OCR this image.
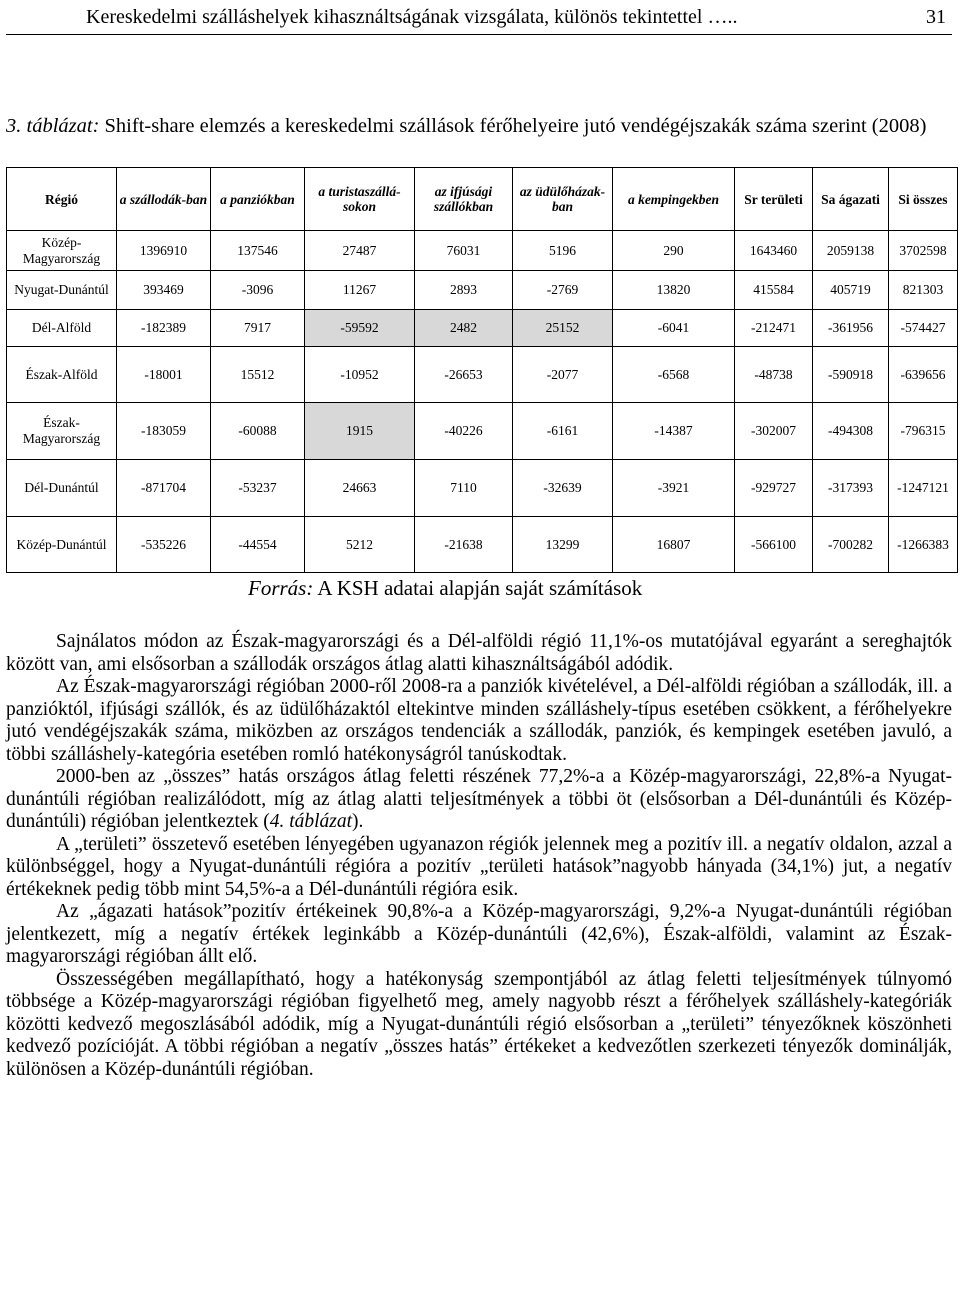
Kereskedelmi szálláshelyek kihasználtságának vizsgálata, különös tekintettel …..	31
3. táblázat: Shift-share elemzés a kereskedelmi szállások férőhelyeire jutó vendégéjszakák száma szerint (2008)
Régió	a szállodák-ban	a panziókban	a turistaszállá-sokon	az ifjúsági szállókban	az üdülőházak-ban	a kempingekben	Sr területi	Sa ágazati	Si összes
Közép-Magyarország	1396910	137546	27487	76031	5196	290	1643460	2059138	3702598
Nyugat-Dunántúl	393469	-3096	11267	2893	-2769	13820	415584	405719	821303
Dél-Alföld	-182389	7917	-59592	2482	25152	-6041	-212471	-361956	-574427
Észak-Alföld	-18001	15512	-10952	-26653	-2077	-6568	-48738	-590918	-639656
Észak-Magyarország	-183059	-60088	1915	-40226	-6161	-14387	-302007	-494308	-796315
Dél-Dunántúl	-871704	-53237	24663	7110	-32639	-3921	-929727	-317393	-1247121
Közép-Dunántúl	-535226	-44554	5212	-21638	13299	16807	-566100	-700282	-1266383
Forrás: A KSH adatai alapján saját számítások

Sajnálatos módon az Észak-magyarországi és a Dél-alföldi régió 11,1%-os mutatójával egyaránt a sereghajtók között van, ami elsősorban a szállodák országos átlag alatti kihasználtságából adódik.

Az Észak-magyarországi régióban 2000-ről 2008-ra a panziók kivételével, a Dél-alföldi régióban a szállodák, ill. a panzióktól, ifjúsági szállók, és az üdülőházaktól eltekintve minden szálláshely-típus esetében csökkent, a férőhelyekre jutó vendégéjszakák száma, miközben az országos tendenciák a szállodák, panziók, és kempingek esetében javuló, a többi szálláshely-kategória esetében romló hatékonyságról tanúskodtak.

2000-ben az „összes” hatás országos átlag feletti részének 77,2%-a a Közép-magyarországi, 22,8%-a Nyugat-dunántúli régióban realizálódott, míg az átlag alatti teljesítmények a többi öt (elsősorban a Dél-dunántúli és Közép-dunántúli) régióban jelentkeztek (4. táblázat).

A „területi” összetevő esetében lényegében ugyanazon régiók jelennek meg a pozitív ill. a negatív oldalon, azzal a különbséggel, hogy a Nyugat-dunántúli régióra a pozitív „területi hatások”nagyobb hányada (34,1%) jut, a negatív értékeknek pedig több mint 54,5%-a a Dél-dunántúli régióra esik.

Az „ágazati hatások”pozitív értékeinek 90,8%-a a Közép-magyarországi, 9,2%-a Nyugat-dunántúli régióban jelentkezett, míg a negatív értékek leginkább a Közép-dunántúli (42,6%), Észak-alföldi, valamint az Észak-magyarországi régióban állt elő.

Összességében megállapítható, hogy a hatékonyság szempontjából az átlag feletti teljesítmények túlnyomó többsége a Közép-magyarországi régióban figyelhető meg, amely nagyobb részt a férőhelyek szálláshely-kategóriák közötti kedvező megoszlásából adódik, míg a Nyugat-dunántúli régió elsősorban a „területi” tényezőknek köszönheti kedvező pozícióját. A többi régióban a negatív „összes hatás” értékeket a kedvezőtlen szerkezeti tényezők dominálják, különösen a Közép-dunántúli régióban.
